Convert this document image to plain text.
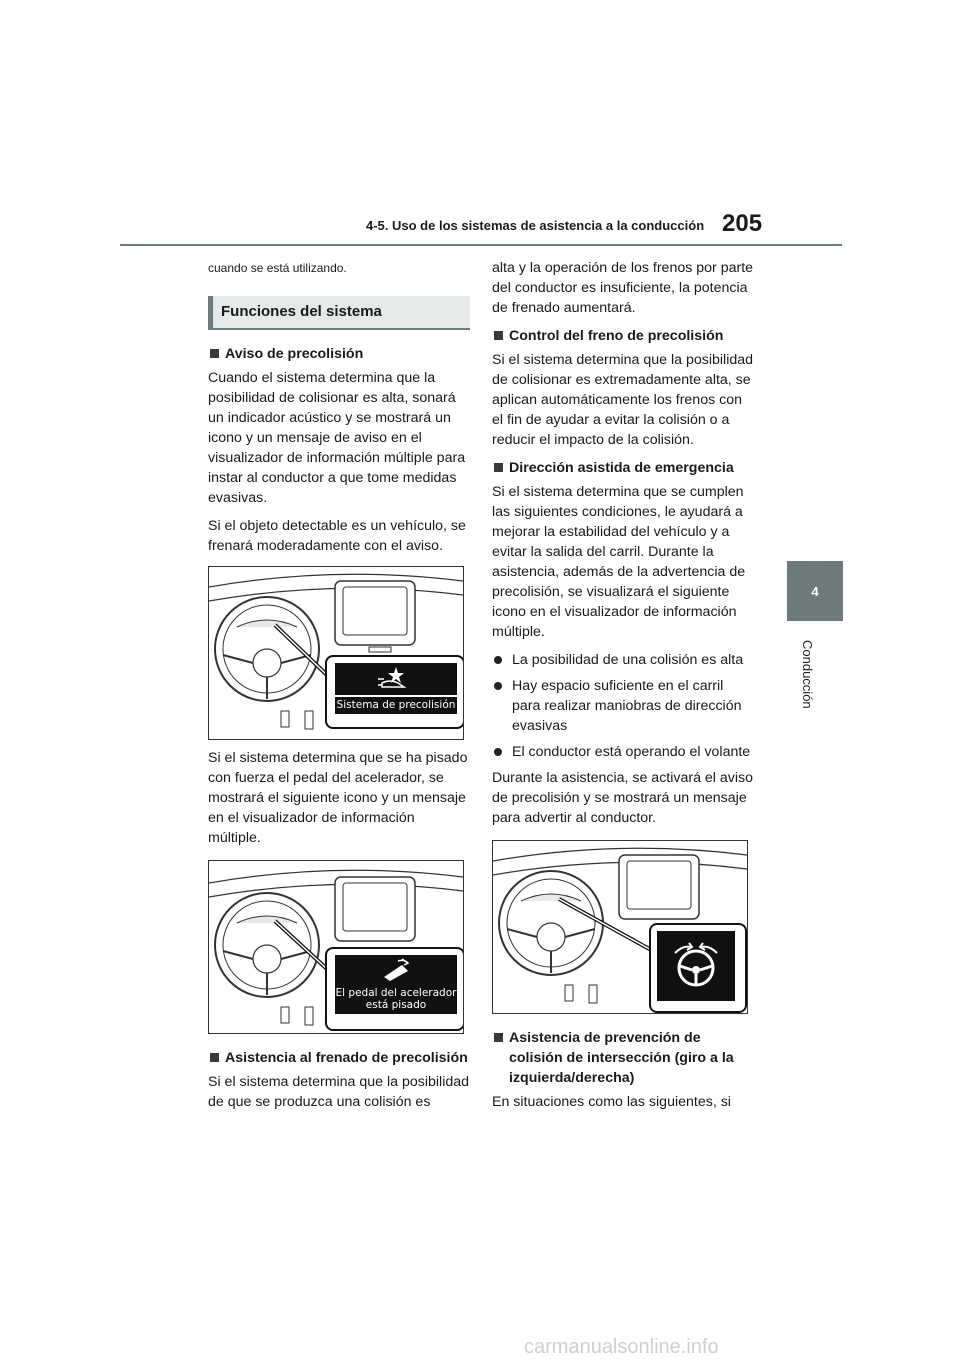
4-5. Uso de los sistemas de asistencia a la conducción 205
4
Conducción

cuando se está utilizando.

Funciones del sistema
Aviso de precolisión

Cuando el sistema determina que la posibilidad de colisionar es alta, sonará un indicador acústico y se mostrará un icono y un mensaje de aviso en el visualizador de información múltiple para instar al conductor a que tome medidas evasivas.

Si el objeto detectable es un vehículo, se frenará moderadamente con el aviso.

Sistema de precolisión

Si el sistema determina que se ha pisado con fuerza el pedal del acelerador, se mostrará el siguiente icono y un mensaje en el visualizador de información múltiple.

El pedal del acelerador
está pisado
Asistencia al frenado de precolisión

Si el sistema determina que la posibilidad de que se produzca una colisión es

alta y la operación de los frenos por parte del conductor es insuficiente, la potencia de frenado aumentará.

Control del freno de precolisión

Si el sistema determina que la posibilidad de colisionar es extremadamente alta, se aplican automáticamente los frenos con el fin de ayudar a evitar la colisión o a reducir el impacto de la colisión.

Dirección asistida de emergencia

Si el sistema determina que se cumplen las siguientes condiciones, le ayudará a mejorar la estabilidad del vehículo y a evitar la salida del carril. Durante la asistencia, además de la advertencia de precolisión, se visualizará el siguiente icono en el visualizador de información múltiple.

La posibilidad de una colisión es alta
Hay espacio suficiente en el carril para realizar maniobras de dirección evasivas
El conductor está operando el volante

Durante la asistencia, se activará el aviso de precolisión y se mostrará un mensaje para advertir al conductor.

Asistencia de prevención de colisión de intersección (giro a la izquierda/derecha)

En situaciones como las siguientes, si

carmanualsonline.info
